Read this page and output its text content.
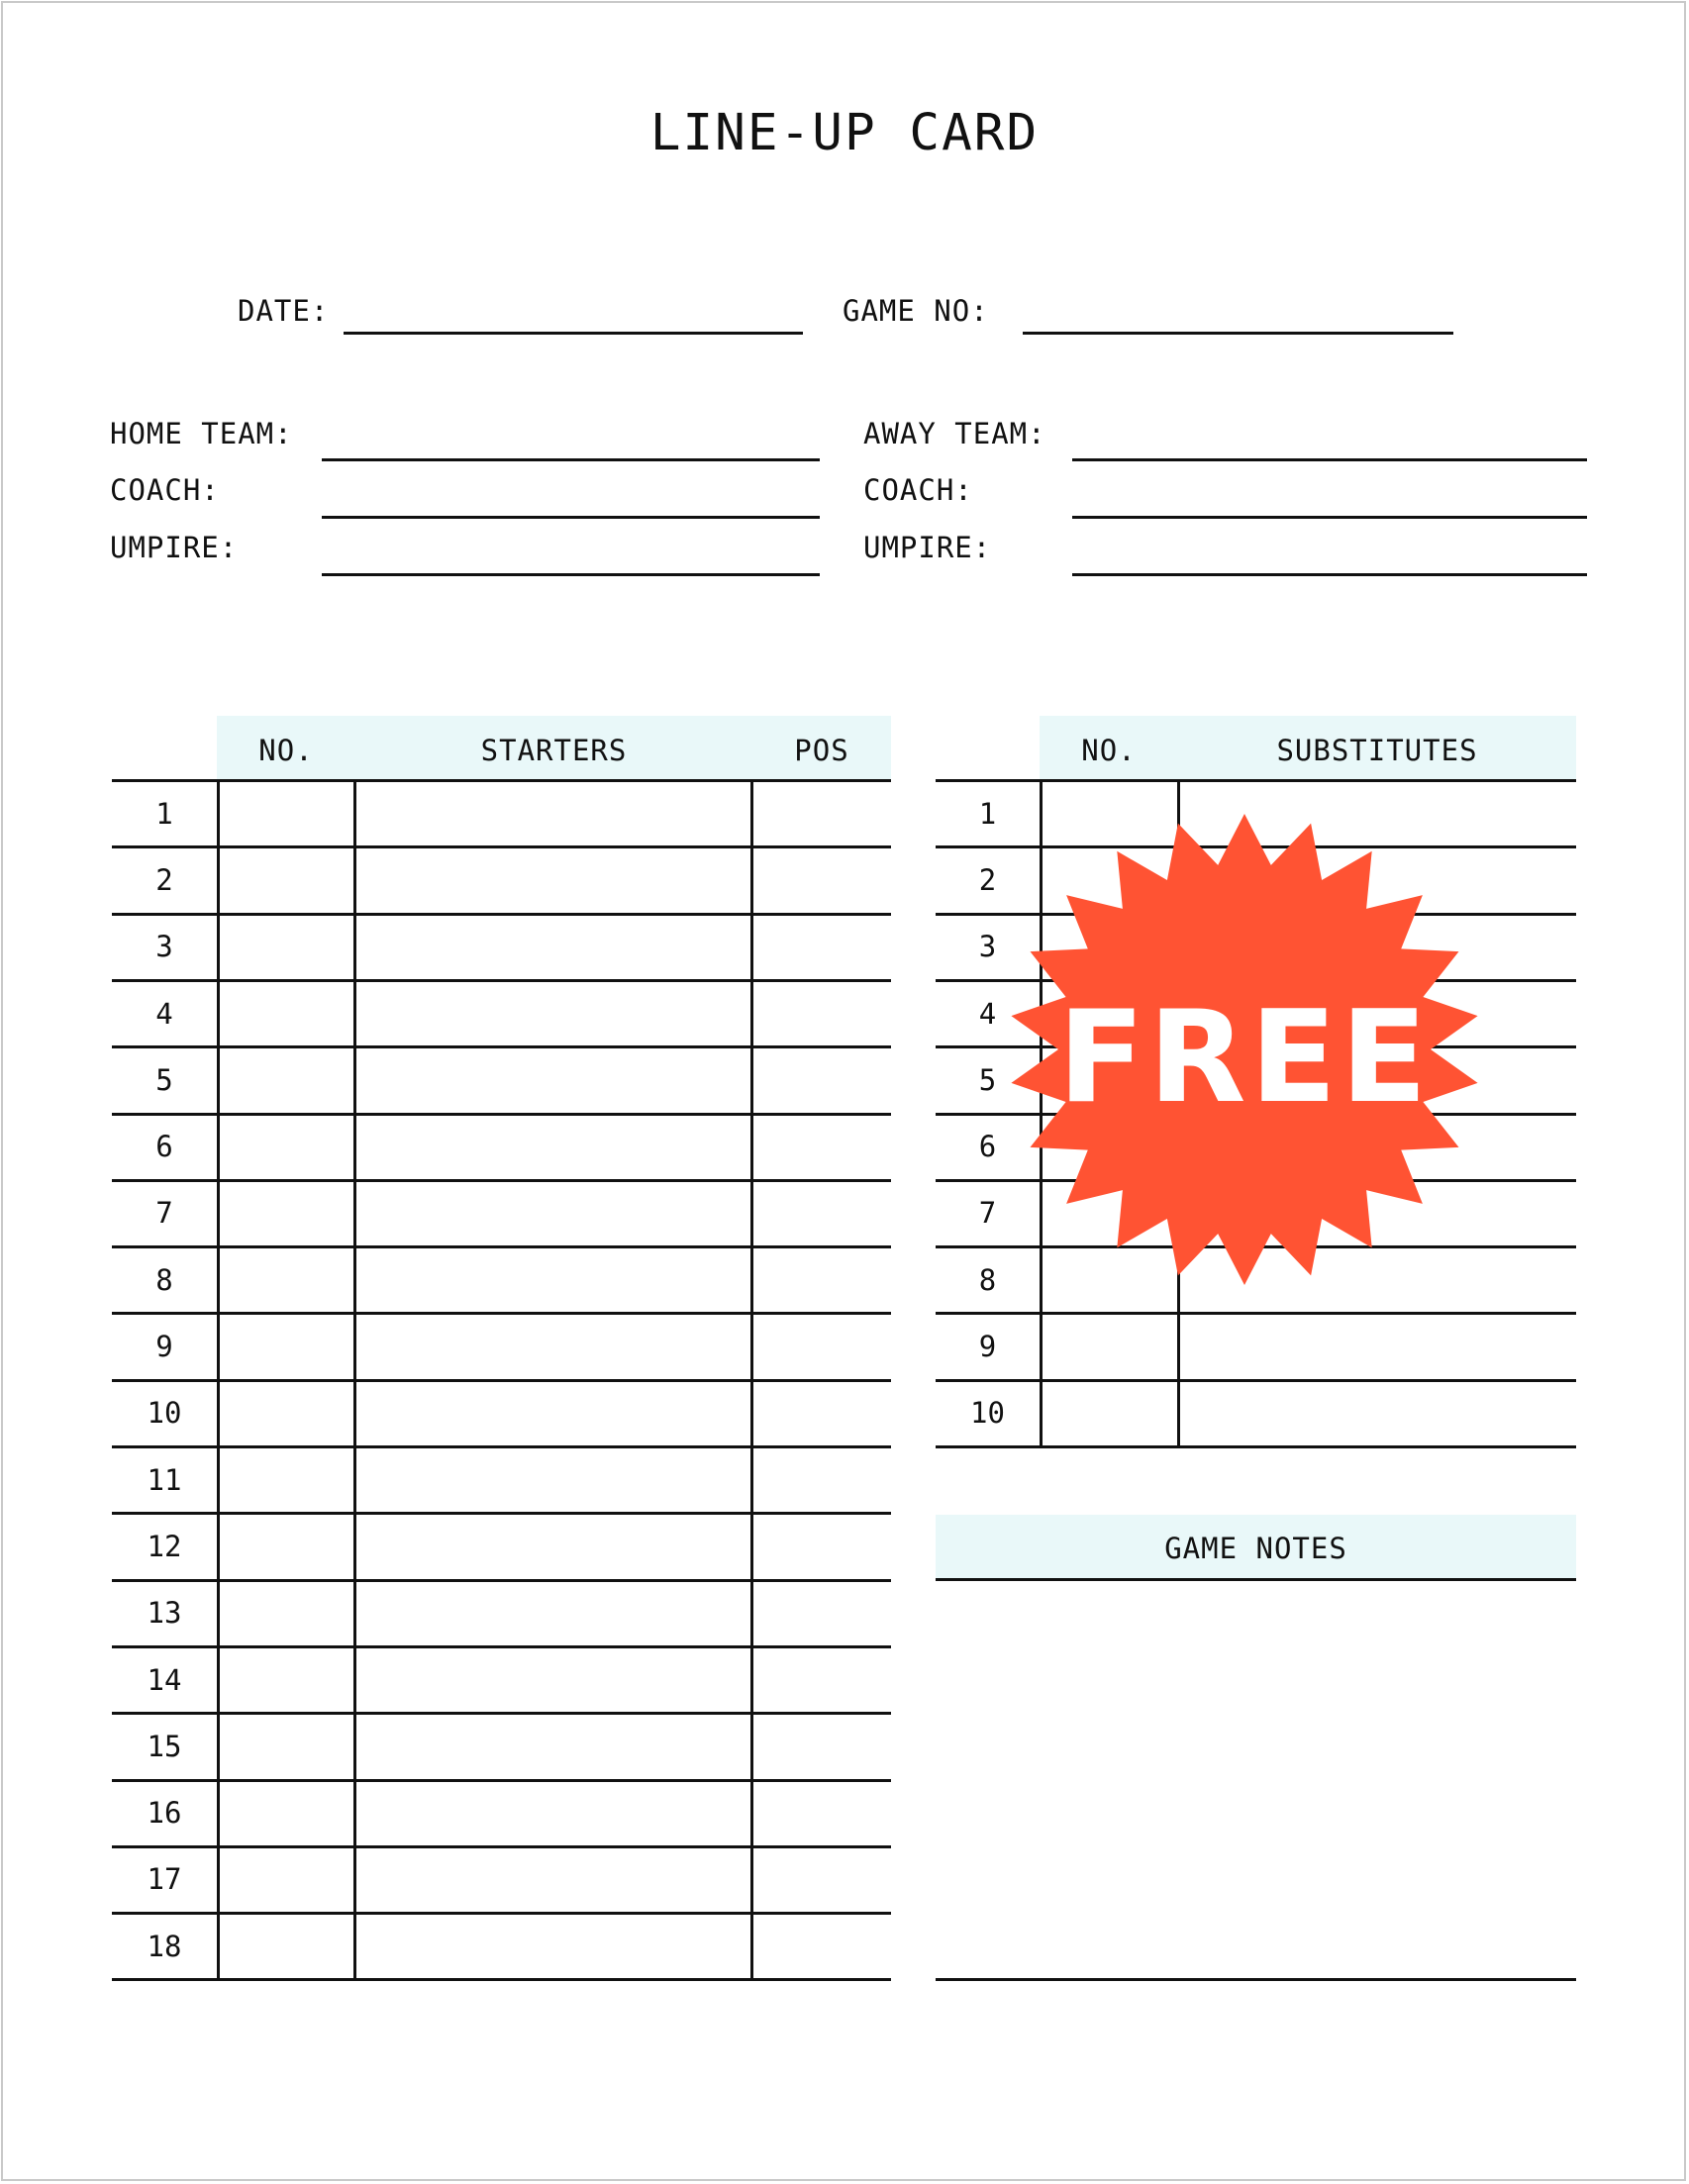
LINE-UP CARD
DATE:	GAME NO:
HOME TEAM:
COACH:
UMPIRE:
AWAY TEAM:
COACH:
UMPIRE:
NO.	STARTERS	POS
1
2
3
4
5
6
7
8
9
10
11
12
13
14
15
16
17
18
NO.	SUBSTITUTES
1
2
3
4
5
6
7
8
9
10
GAME NOTES
FREE
